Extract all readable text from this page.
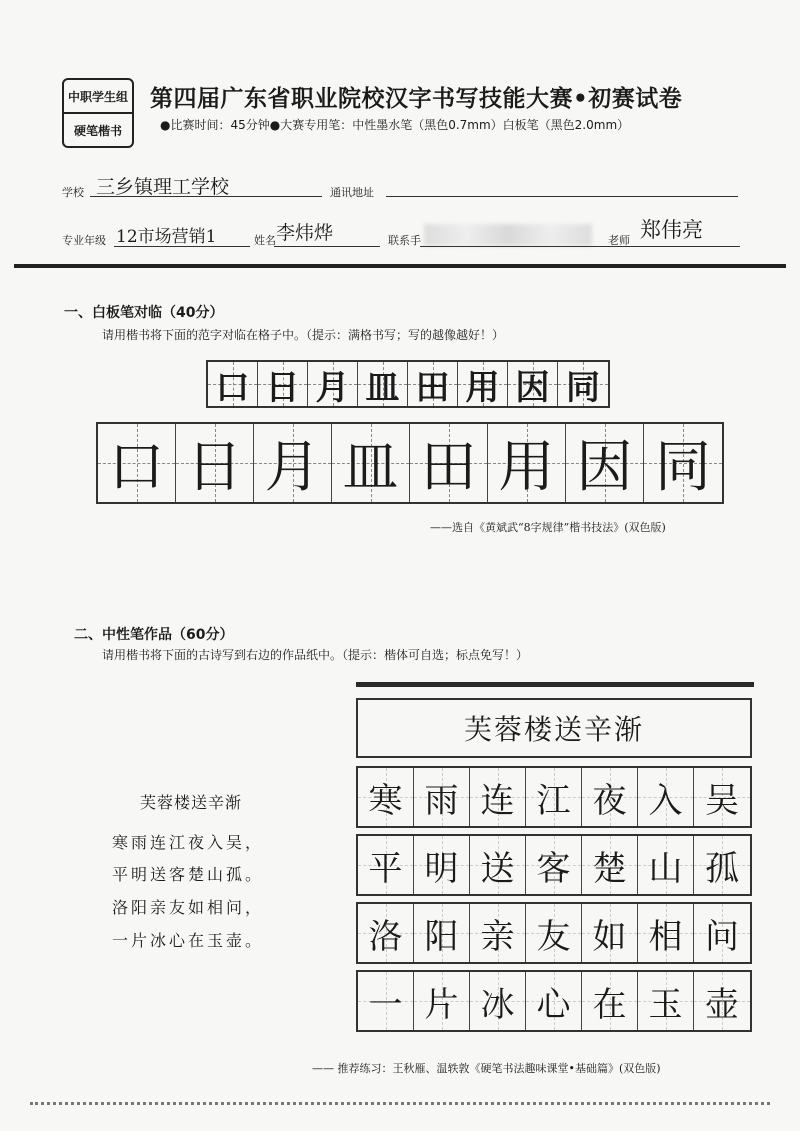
中职学生组
硬笔楷书
第四届广东省职业院校汉字书写技能大赛•初赛试卷
●比赛时间：45分钟●大赛专用笔：中性墨水笔（黑色0.7mm）白板笔（黑色2.0mm）
学校 三乡镇理工学校	通讯地址
专业年级 12市场营销1	姓名 李炜烨	联系手	老师 郑伟亮
一、白板笔对临（40分）
请用楷书将下面的范字对临在格子中。（提示：满格书写；写的越像越好！）
口 日 月 皿 田 用 因 同
口 日 月 皿 田 用 因 同
——选自《黄斌武“8字规律”楷书技法》(双色版)
二、中性笔作品（60分）
请用楷书将下面的古诗写到右边的作品纸中。（提示：楷体可自选；标点免写！）
芙蓉楼送辛渐
寒雨连江夜入吴，
平明送客楚山孤。
洛阳亲友如相问，
一片冰心在玉壶。
芙蓉楼送辛渐
寒 雨 连 江 夜 入 吴
平 明 送 客 楚 山 孤
洛 阳 亲 友 如 相 问
一 片 冰 心 在 玉 壶
—— 推荐练习：王秋雁、温轶敦《硬笔书法趣味课堂•基础篇》(双色版)
